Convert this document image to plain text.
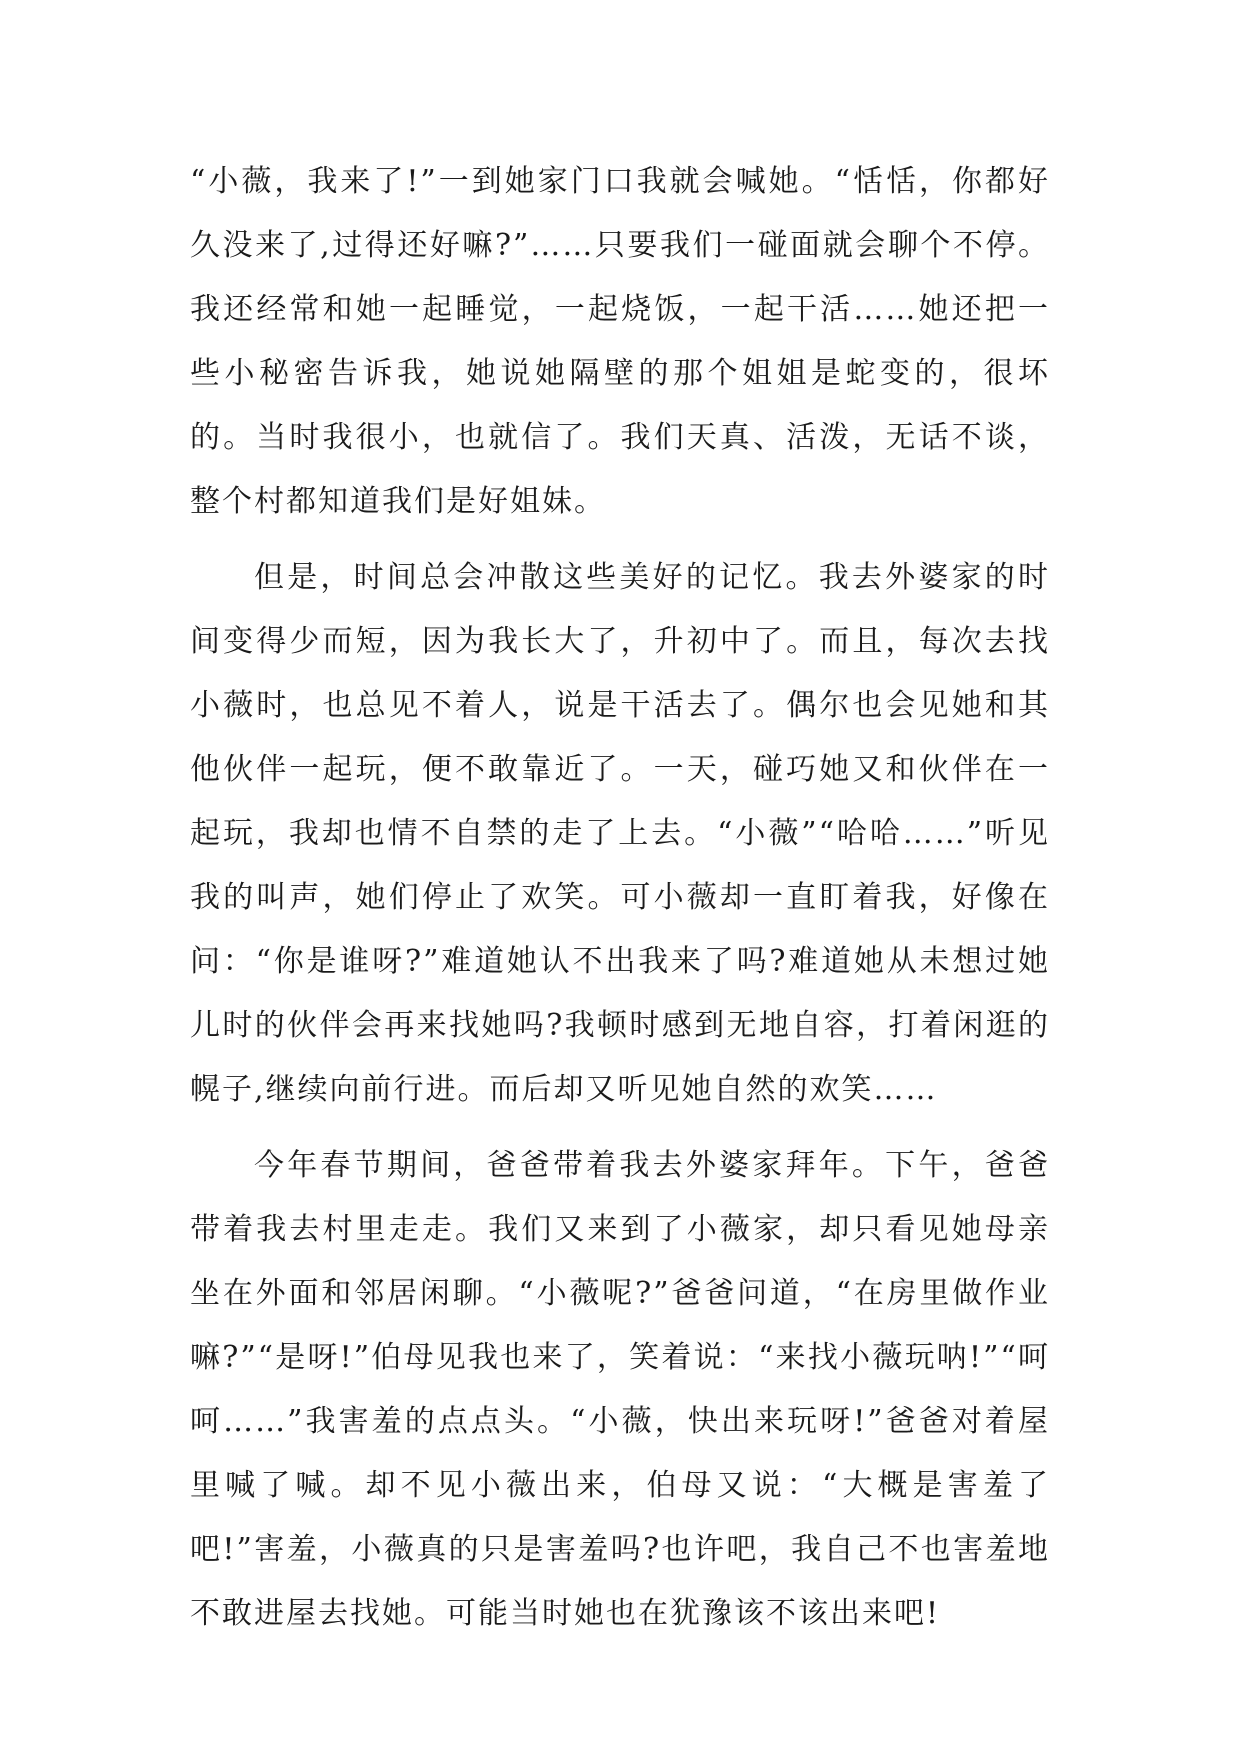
“小薇，我来了!”一到她家门口我就会喊她。“恬恬，你都好久没来了,过得还好嘛?”……只要我们一碰面就会聊个不停。我还经常和她一起睡觉，一起烧饭，一起干活……她还把一些小秘密告诉我，她说她隔壁的那个姐姐是蛇变的，很坏的。当时我很小，也就信了。我们天真、活泼，无话不谈，整个村都知道我们是好姐妹。

但是，时间总会冲散这些美好的记忆。我去外婆家的时间变得少而短，因为我长大了，升初中了。而且，每次去找小薇时，也总见不着人，说是干活去了。偶尔也会见她和其他伙伴一起玩，便不敢靠近了。一天，碰巧她又和伙伴在一起玩，我却也情不自禁的走了上去。“小薇”“哈哈……”听见我的叫声，她们停止了欢笑。可小薇却一直盯着我，好像在问：“你是谁呀?”难道她认不出我来了吗?难道她从未想过她儿时的伙伴会再来找她吗?我顿时感到无地自容，打着闲逛的幌子,继续向前行进。而后却又听见她自然的欢笑……

今年春节期间，爸爸带着我去外婆家拜年。下午，爸爸带着我去村里走走。我们又来到了小薇家，却只看见她母亲坐在外面和邻居闲聊。“小薇呢?”爸爸问道，“在房里做作业嘛?”“是呀!”伯母见我也来了，笑着说：“来找小薇玩呐!”“呵呵……”我害羞的点点头。“小薇，快出来玩呀!”爸爸对着屋里喊了喊。却不见小薇出来，伯母又说：“大概是害羞了吧!”害羞，小薇真的只是害羞吗?也许吧，我自己不也害羞地不敢进屋去找她。可能当时她也在犹豫该不该出来吧!
